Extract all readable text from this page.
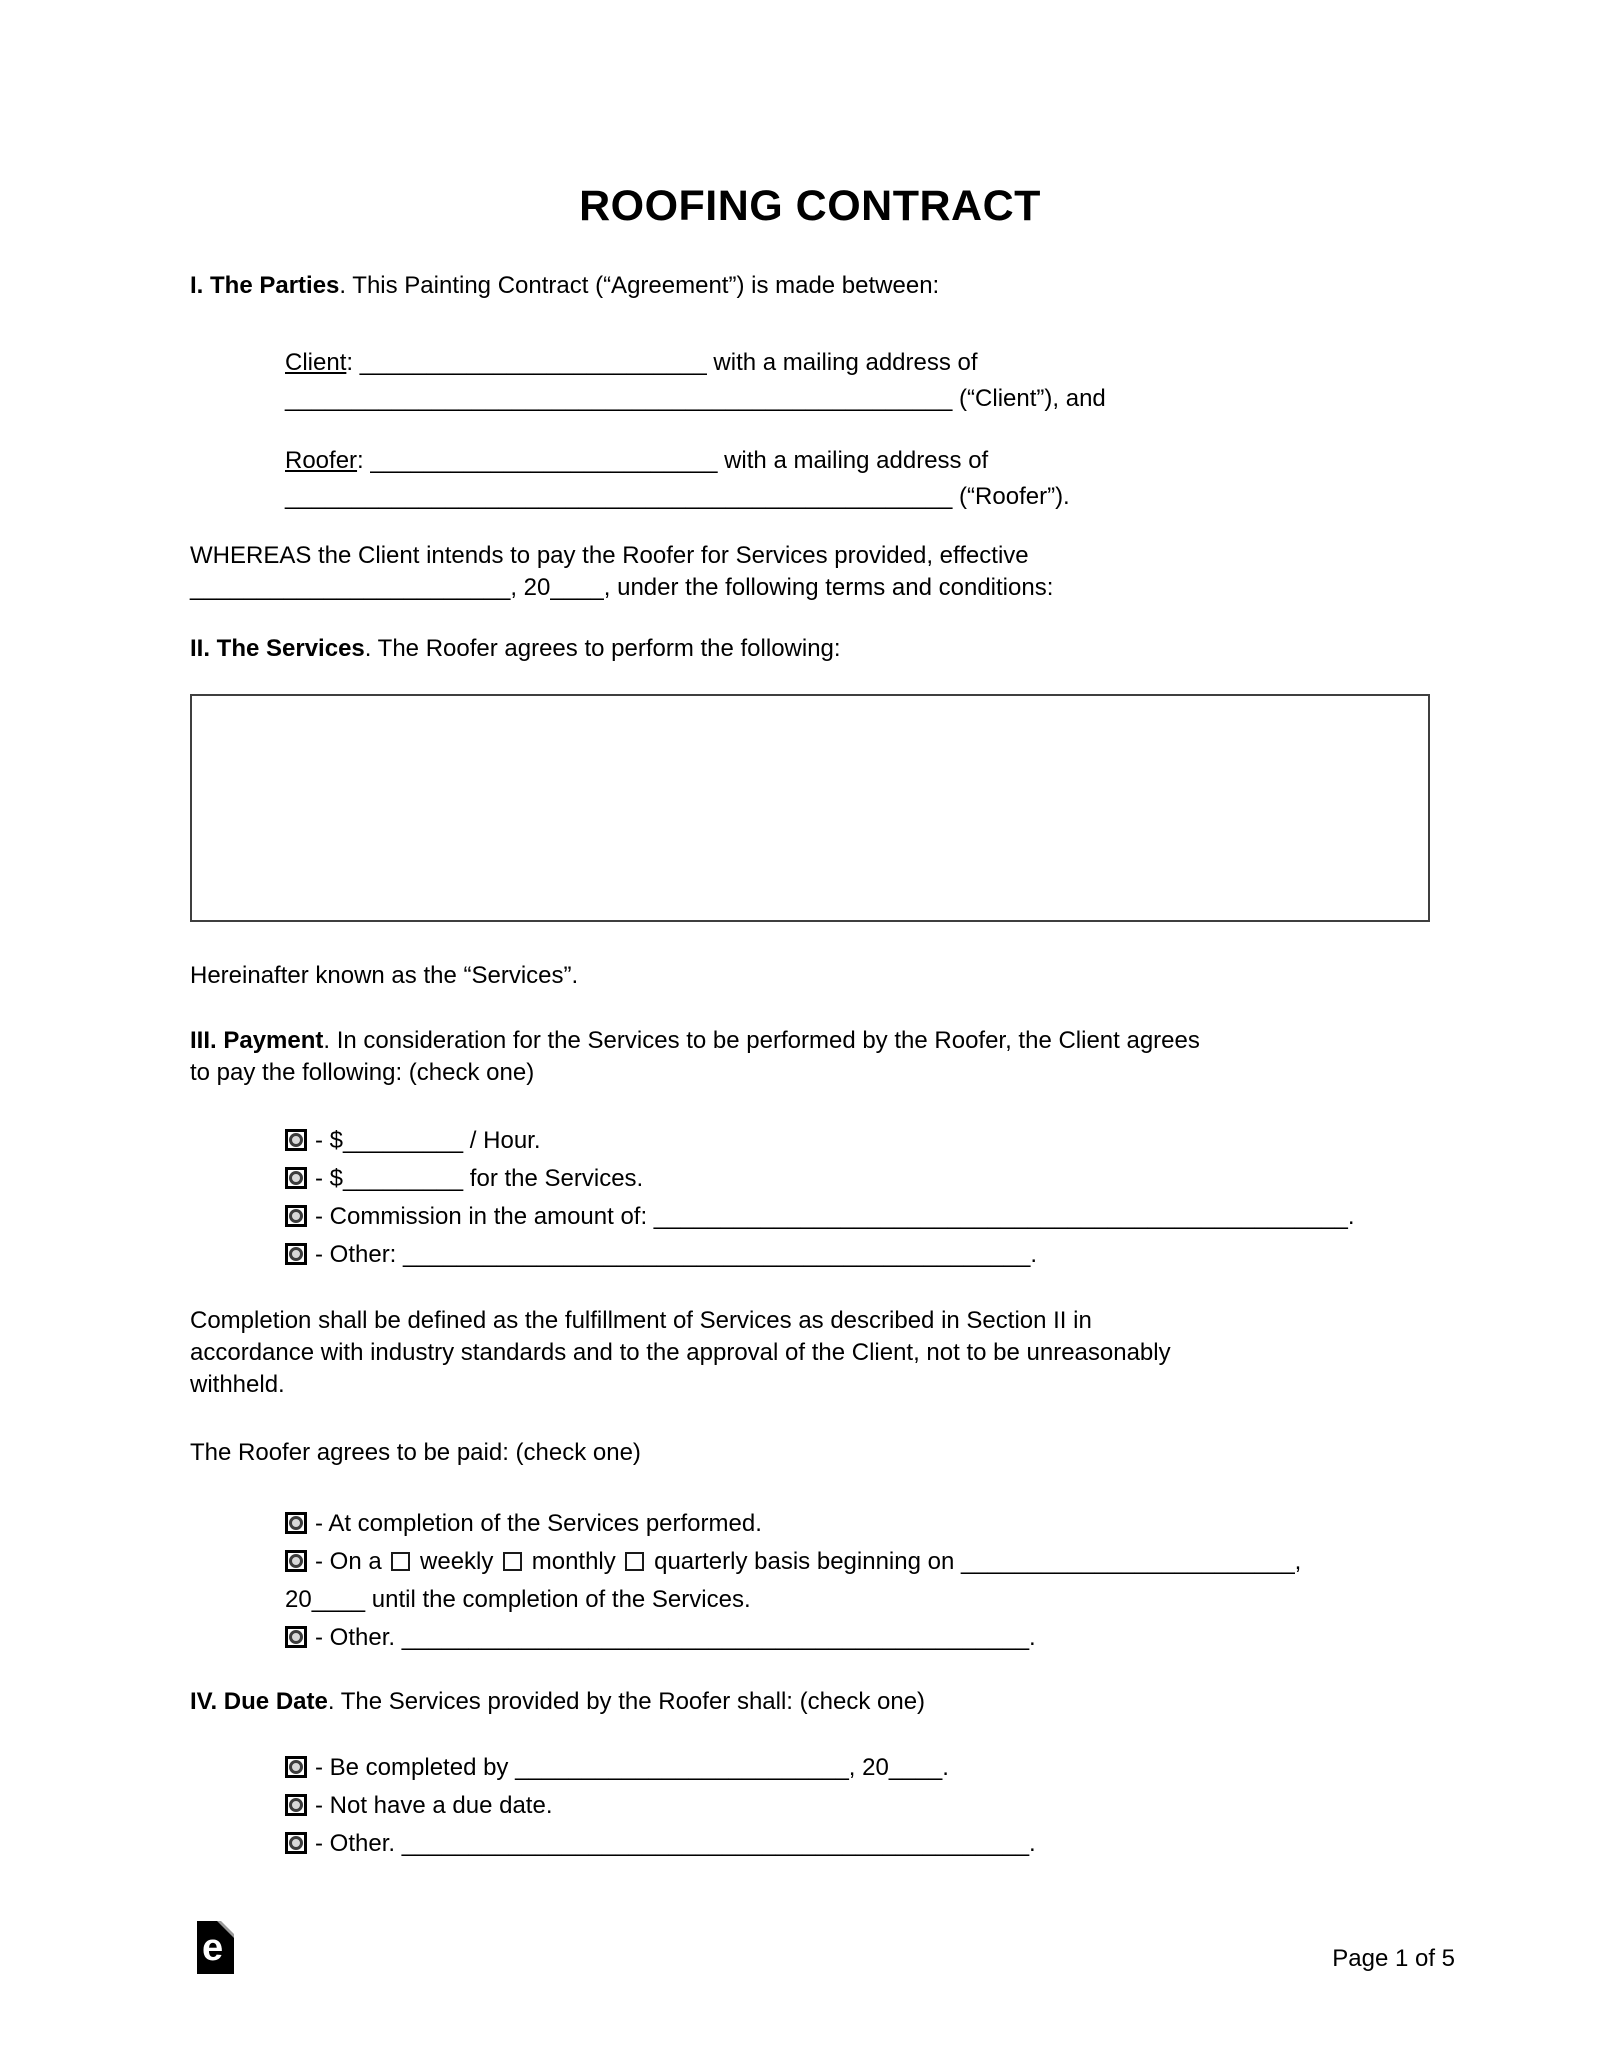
ROOFING CONTRACT

I. The Parties. This Painting Contract (“Agreement”) is made between:

Client: __________________________ with a mailing address of
__________________________________________________ (“Client”), and
Roofer: __________________________ with a mailing address of
__________________________________________________ (“Roofer”).

WHEREAS the Client intends to pay the Roofer for Services provided, effective
________________________, 20____, under the following terms and conditions:

II. The Services. The Roofer agrees to perform the following:

Hereinafter known as the “Services”.

III. Payment. In consideration for the Services to be performed by the Roofer, the Client agrees
to pay the following: (check one)

- $_________ / Hour.
- $_________ for the Services.
- Commission in the amount of: ____________________________________________________.
- Other: _______________________________________________.

Completion shall be defined as the fulfillment of Services as described in Section II in
accordance with industry standards and to the approval of the Client, not to be unreasonably
withheld.

The Roofer agrees to be paid: (check one)

- At completion of the Services performed.
- On a  weekly  monthly  quarterly basis beginning on _________________________,
20____ until the completion of the Services.
- Other. _______________________________________________.

IV. Due Date. The Services provided by the Roofer shall: (check one)

- Be completed by _________________________, 20____.
- Not have a due date.
- Other. _______________________________________________.
e	Page 1 of 5
